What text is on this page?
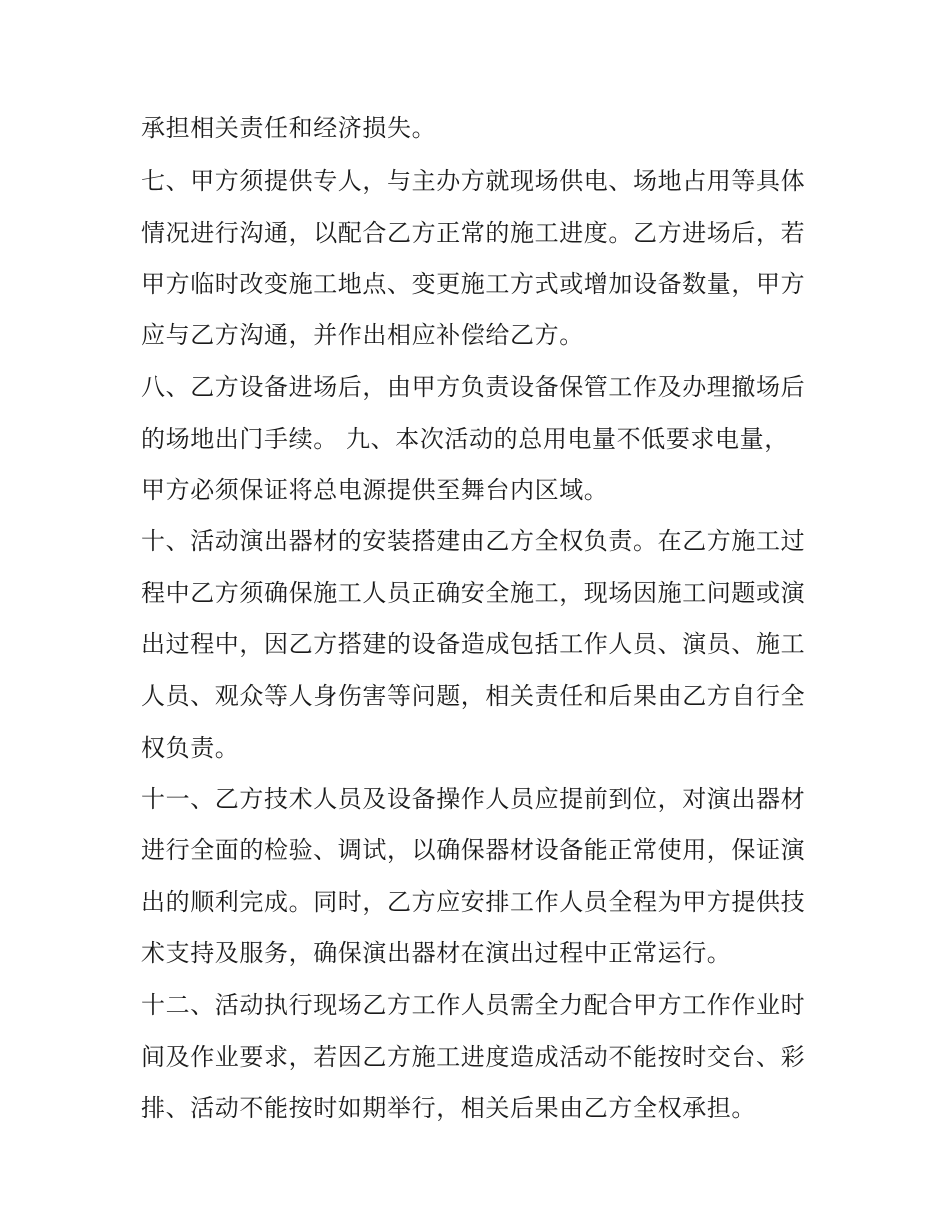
承担相关责任和经济损失。
七、甲方须提供专人，与主办方就现场供电、场地占用等具体
情况进行沟通，以配合乙方正常的施工进度。乙方进场后，若
甲方临时改变施工地点、变更施工方式或增加设备数量，甲方
应与乙方沟通，并作出相应补偿给乙方。
八、乙方设备进场后，由甲方负责设备保管工作及办理撤场后
的场地出门手续。 九、本次活动的总用电量不低要求电量，
甲方必须保证将总电源提供至舞台内区域。
十、活动演出器材的安装搭建由乙方全权负责。在乙方施工过
程中乙方须确保施工人员正确安全施工，现场因施工问题或演
出过程中，因乙方搭建的设备造成包括工作人员、演员、施工
人员、观众等人身伤害等问题，相关责任和后果由乙方自行全
权负责。
十一、乙方技术人员及设备操作人员应提前到位，对演出器材
进行全面的检验、调试，以确保器材设备能正常使用，保证演
出的顺利完成。同时，乙方应安排工作人员全程为甲方提供技
术支持及服务，确保演出器材在演出过程中正常运行。
十二、活动执行现场乙方工作人员需全力配合甲方工作作业时
间及作业要求，若因乙方施工进度造成活动不能按时交台、彩
排、活动不能按时如期举行，相关后果由乙方全权承担。
